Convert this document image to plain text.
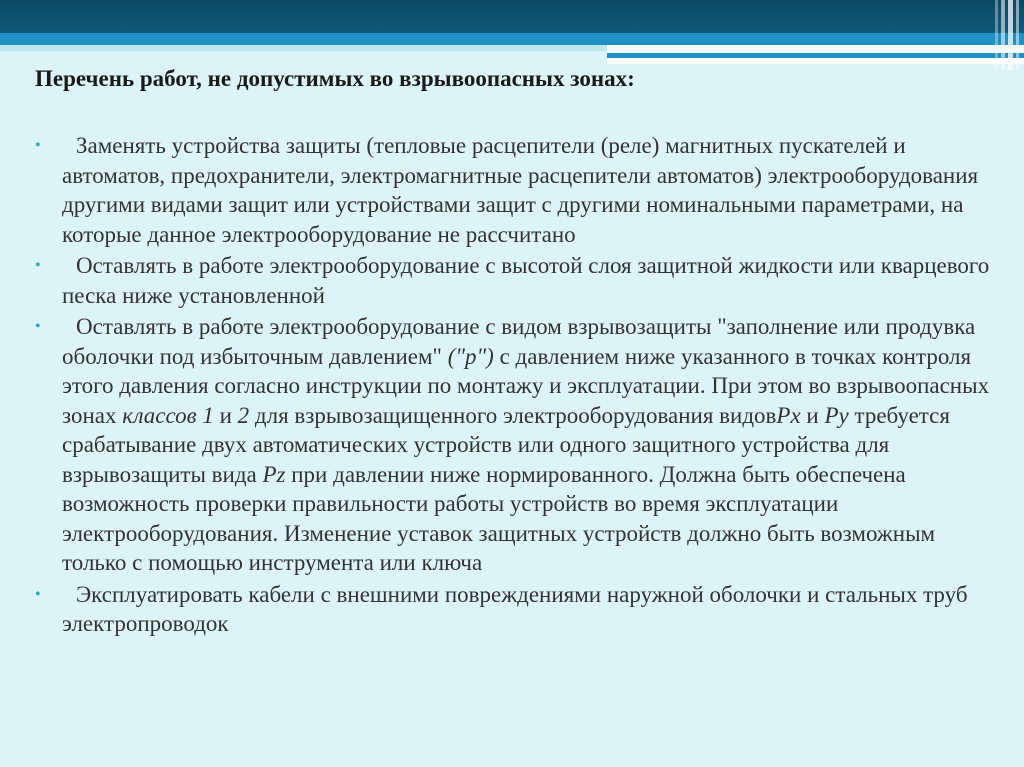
Перечень работ, не допустимых во взрывоопасных зонах:
• Заменять устройства защиты (тепловые расцепители (реле) магнитных пускателей и автоматов, предохранители, электромагнитные расцепители автоматов) электрооборудования другими видами защит или устройствами защит с другими номинальными параметрами, на которые данное электрооборудование не рассчитано
• Оставлять в работе электрооборудование с высотой слоя защитной жидкости или кварцевого песка ниже установленной
• Оставлять в работе электрооборудование с видом взрывозащиты "заполнение или продувка оболочки под избыточным давлением" ("p") с давлением ниже указанного в точках контроля этого давления согласно инструкции по монтажу и эксплуатации. При этом во взрывоопасных зонах классов 1 и 2 для взрывозащищенного электрооборудования видовPx и Py требуется срабатывание двух автоматических устройств или одного защитного устройства для взрывозащиты вида Pz при давлении ниже нормированного. Должна быть обеспечена возможность проверки правильности работы устройств во время эксплуатации электрооборудования. Изменение уставок защитных устройств должно быть возможным только с помощью инструмента или ключа
• Эксплуатировать кабели с внешними повреждениями наружной оболочки и стальных труб электропроводок
